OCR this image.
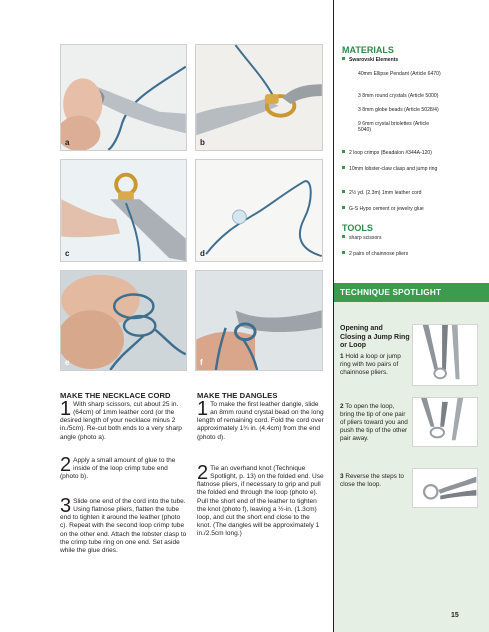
a	b
c	d
e	f
MAKE THE NECKLACE CORD
1 With sharp scissors, cut about 25 in. (64cm) of 1mm leather cord (or the desired length of your necklace minus 2 in./5cm). Re-cut both ends to a very sharp angle (photo a).

2 Apply a small amount of glue to the inside of the loop crimp tube end (photo b).

3 Slide one end of the cord into the tube. Using flatnose pliers, flatten the tube end to tighten it around the leather (photo c). Repeat with the second loop crimp tube on the other end. Attach the lobster clasp to the crimp tube ring on one end. Set aside while the glue dries.

MAKE THE DANGLES
1 To make the first leather dangle, slide an 8mm round crystal bead on the long length of remaining cord. Fold the cord over approximately 1¾ in. (4.4cm) from the end (photo d).

2 Tie an overhand knot (Technique Spotlight, p. 13) on the folded end. Use flatnose pliers, if necessary to grip and pull the folded end through the loop (photo e). Pull the short end of the leather to tighten the knot (photo f), leaving a ½-in. (1.3cm) loop, and cut the short end close to the knot. (The dangles will be approximately 1 in./2.5cm long.)

MATERIALS
Swarovski Elements
40mm Ellipse Pendant (Article 6470)
3 8mm round crystals (Article 5000)
3 8mm globe beads (Article 5028/4)
9 6mm crystal briolettes (Article 5040)
2 loop crimps (Beadalon #344A-120)
10mm lobster-claw clasp and jump ring
2½ yd. (2.3m) 1mm leather cord
G-S Hypo cement or jewelry glue
TOOLS
sharp scissors
2 pairs of chainnose pliers
TECHNIQUE SPOTLIGHT
Opening and Closing a Jump Ring or Loop
1 Hold a loop or jump ring with two pairs of chainnose pliers.
2 To open the loop, bring the tip of one pair of pliers toward you and push the tip of the other pair away.
3 Reverse the steps to close the loop.
15
